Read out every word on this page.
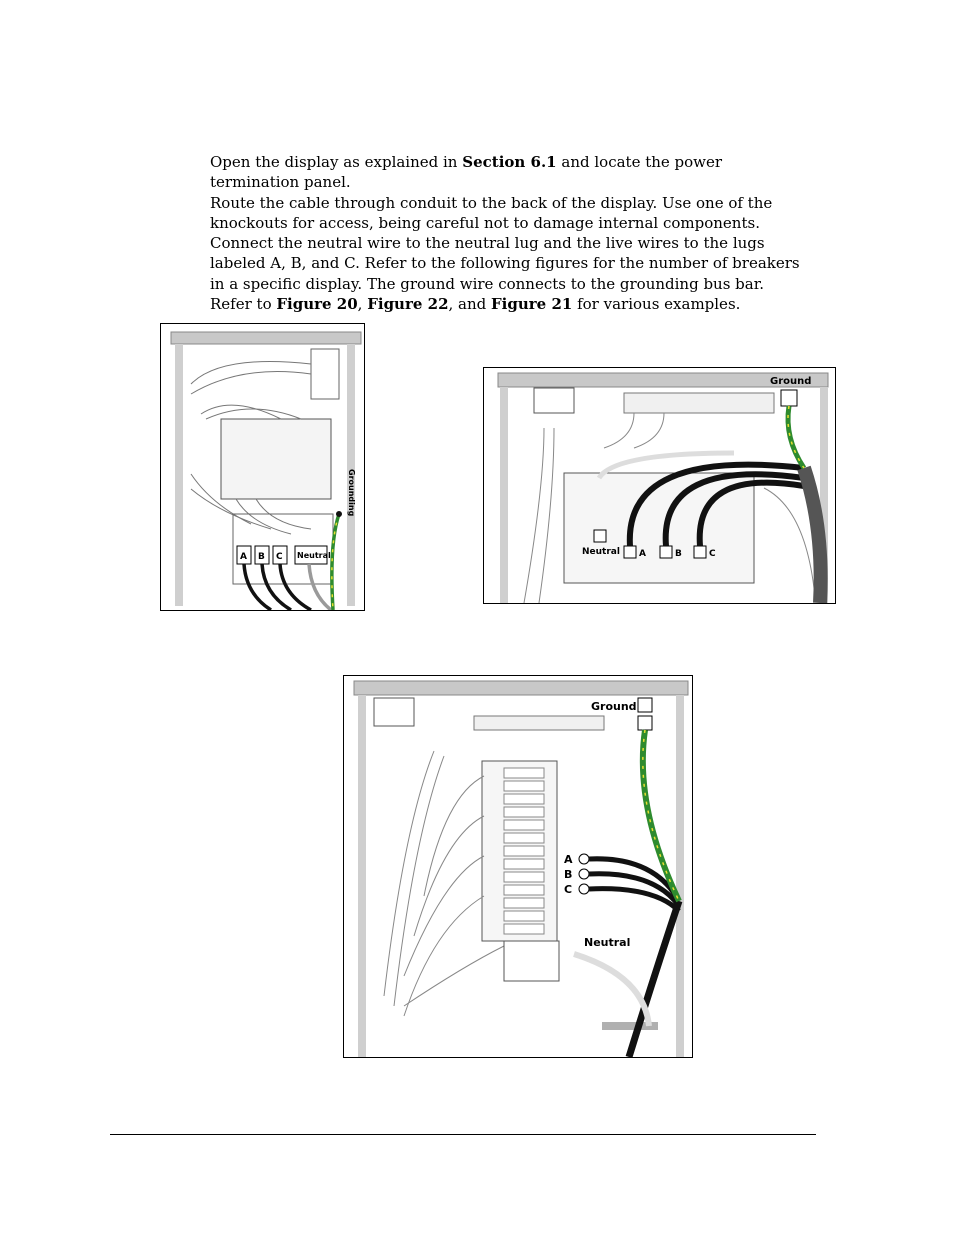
Open the display as explained in Section 6.1 and locate the power termination panel.

Route the cable through conduit to the back of the display. Use one of the knockouts for access, being careful not to damage internal components.

Connect the neutral wire to the neutral lug and the live wires to the lugs labeled A, B, and C. Refer to the following figures for the number of breakers in a specific display. The ground wire connects to the grounding bus bar.

Refer to Figure 20, Figure 22, and Figure 21 for various examples.

A B C Neutral
Grounding
Ground
Neutral A	B	C
Ground
A
B
C
Neutral
